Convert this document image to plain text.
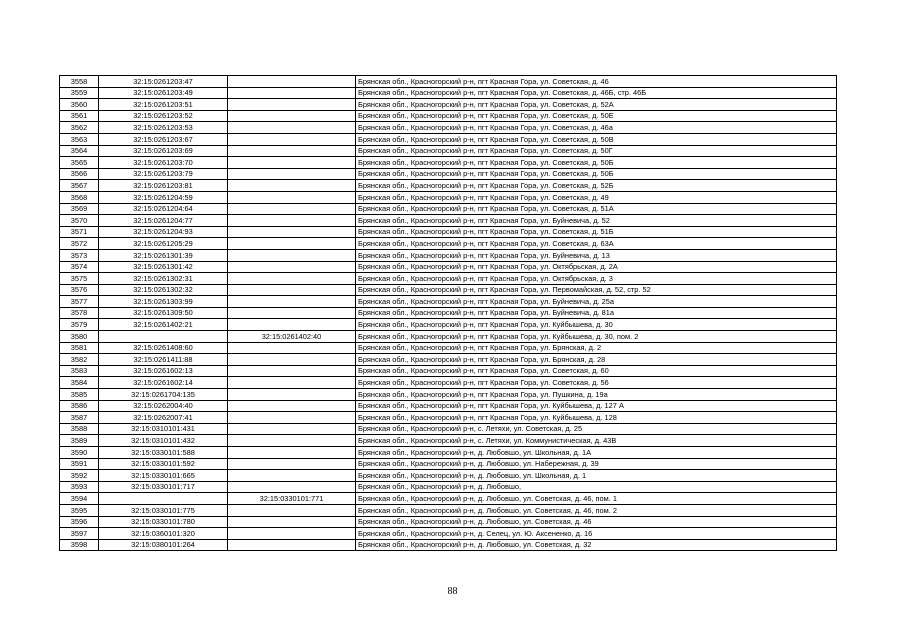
3558	32:15:0261203:47		Брянская обл., Красногорский р-н, пгт Красная Гора, ул. Советская, д. 46
3559	32:15:0261203:49		Брянская обл., Красногорский р-н, пгт Красная Гора, ул. Советская, д. 46Б, стр. 46Б
3560	32:15:0261203:51		Брянская обл., Красногорский р-н, пгт Красная Гора, ул. Советская, д. 52А
3561	32:15:0261203:52		Брянская обл., Красногорский р-н, пгт Красная Гора, ул. Советская, д. 50Е
3562	32:15:0261203:53		Брянская обл., Красногорский р-н, пгт Красная Гора, ул. Советская, д. 46а
3563	32:15:0261203:67		Брянская обл., Красногорский р-н, пгт Красная Гора, ул. Советская, д. 50В
3564	32:15:0261203:69		Брянская обл., Красногорский р-н, пгт Красная Гора, ул. Советская, д. 50Г
3565	32:15:0261203:70		Брянская обл., Красногорский р-н, пгт Красная Гора, ул. Советская, д. 50Б
3566	32:15:0261203:79		Брянская обл., Красногорский р-н, пгт Красная Гора, ул. Советская, д. 50Б
3567	32:15:0261203:81		Брянская обл., Красногорский р-н, пгт Красная Гора, ул. Советская, д. 52Б
3568	32:15:0261204:59		Брянская обл., Красногорский р-н, пгт Красная Гора, ул. Советская, д. 49
3569	32:15:0261204:64		Брянская обл., Красногорский р-н, пгт Красная Гора, ул. Советская, д. 51А
3570	32:15:0261204:77		Брянская обл., Красногорский р-н, пгт Красная Гора, ул. Буйневича, д. 52
3571	32:15:0261204:93		Брянская обл., Красногорский р-н, пгт Красная Гора, ул. Советская, д. 51Б
3572	32:15:0261205:29		Брянская обл., Красногорский р-н, пгт Красная Гора, ул. Советская, д. 63А
3573	32:15:0261301:39		Брянская обл., Красногорский р-н, пгт Красная Гора, ул. Буйневича, д. 13
3574	32:15:0261301:42		Брянская обл., Красногорский р-н, пгт Красная Гора, ул. Октябрьская, д. 2А
3575	32:15:0261302:31		Брянская обл., Красногорский р-н, пгт Красная Гора, ул. Октябрьская, д. 3
3576	32:15:0261302:32		Брянская обл., Красногорский р-н, пгт Красная Гора, ул. Первомайская, д. 52, стр. 52
3577	32:15:0261303:99		Брянская обл., Красногорский р-н, пгт Красная Гора, ул. Буйневича, д. 25а
3578	32:15:0261309:50		Брянская обл., Красногорский р-н, пгт Красная Гора, ул. Буйневича, д. 81а
3579	32:15:0261402:21		Брянская обл., Красногорский р-н, пгт Красная Гора, ул. Куйбышева, д. 30
3580		32:15:0261402:40	Брянская обл., Красногорский р-н, пгт Красная Гора, ул. Куйбышева, д. 30, пом. 2
3581	32:15:0261408:60		Брянская обл., Красногорский р-н, пгт Красная Гора, ул. Брянская, д. 2
3582	32:15:0261411:88		Брянская обл., Красногорский р-н, пгт Красная Гора, ул. Брянская, д. 28
3583	32:15:0261602:13		Брянская обл., Красногорский р-н, пгт Красная Гора, ул. Советская, д. 60
3584	32:15:0261602:14		Брянская обл., Красногорский р-н, пгт Красная Гора, ул. Советская, д. 56
3585	32:15:0261704:135		Брянская обл., Красногорский р-н, пгт Красная Гора, ул. Пушкина, д. 19а
3586	32:15:0262004:40		Брянская обл., Красногорский р-н, пгт Красная Гора, ул. Куйбышева, д. 127 А
3587	32:15:0262007:41		Брянская обл., Красногорский р-н, пгт Красная Гора, ул. Куйбышева, д. 128
3588	32:15:0310101:431		Брянская обл., Красногорский р-н, с. Летяхи, ул. Советская, д. 25
3589	32:15:0310101:432		Брянская обл., Красногорский р-н, с. Летяхи, ул. Коммунистическая, д. 43В
3590	32:15:0330101:588		Брянская обл., Красногорский р-н, д. Любовшо, ул. Школьная, д. 1А
3591	32:15:0330101:592		Брянская обл., Красногорский р-н, д. Любовшо, ул. Набережная, д. 39
3592	32:15:0330101:665		Брянская обл., Красногорский р-н, д. Любовшо, ул. Школьная, д. 1
3593	32:15:0330101:717		Брянская обл., Красногорский р-н, д. Любовшо,
3594		32:15:0330101:771	Брянская обл., Красногорский р-н, д. Любовшо, ул. Советская, д. 46, пом. 1
3595	32:15:0330101:775		Брянская обл., Красногорский р-н, д. Любовшо, ул. Советская, д. 46, пом. 2
3596	32:15:0330101:780		Брянская обл., Красногорский р-н, д. Любовшо, ул. Советская, д. 46
3597	32:15:0360101:320		Брянская обл., Красногорский р-н, д. Селец, ул. Ю. Аксененко, д. 16
3598	32:15:0380101:264		Брянская обл., Красногорский р-н, д. Любовшо, ул. Советская, д. 32
88
